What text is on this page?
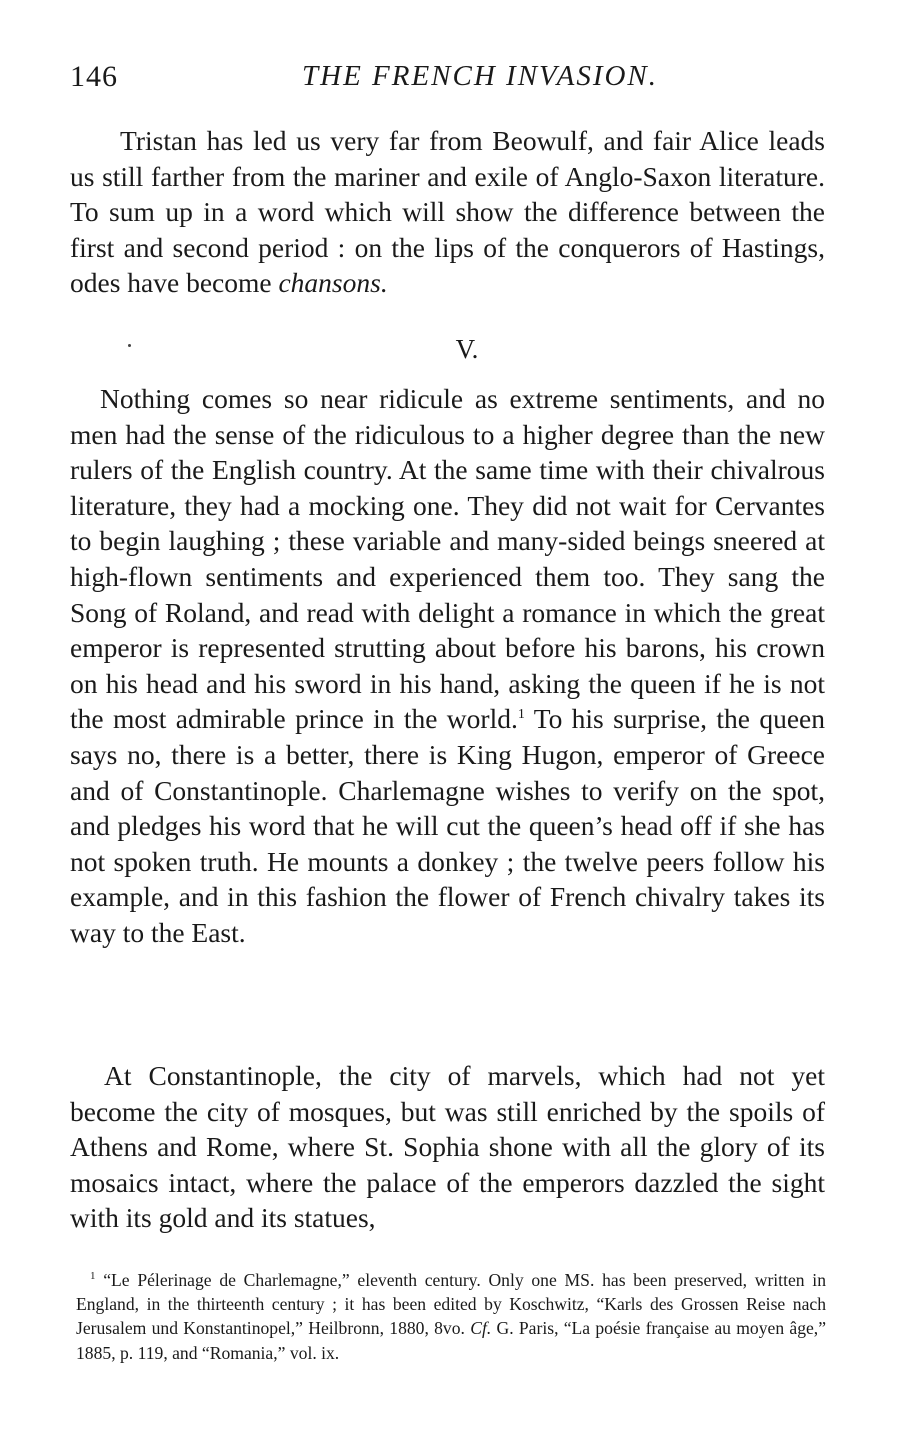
146	THE FRENCH INVASION.

Tristan has led us very far from Beowulf, and fair Alice leads us still farther from the mariner and exile of Anglo-Saxon literature. To sum up in a word which will show the difference between the first and second period : on the lips of the conquerors of Hastings, odes have become chansons.

V.

Nothing comes so near ridicule as extreme sentiments, and no men had the sense of the ridiculous to a higher degree than the new rulers of the English country. At the same time with their chivalrous literature, they had a mocking one. They did not wait for Cervantes to begin laughing ; these variable and many-sided beings sneered at high-flown sentiments and experienced them too. They sang the Song of Roland, and read with delight a romance in which the great emperor is represented strutting about before his barons, his crown on his head and his sword in his hand, asking the queen if he is not the most admirable prince in the world.$^1$ To his surprise, the queen says no, there is a better, there is King Hugon, emperor of Greece and of Constantinople. Charlemagne wishes to verify on the spot, and pledges his word that he will cut the queen’s head off if she has not spoken truth. He mounts a donkey ; the twelve peers follow his example, and in this fashion the flower of French chivalry takes its way to the East.

At Constantinople, the city of marvels, which had not yet become the city of mosques, but was still enriched by the spoils of Athens and Rome, where St. Sophia shone with all the glory of its mosaics intact, where the palace of the emperors dazzled the sight with its gold and its statues,

$^1$ “Le Pélerinage de Charlemagne,” eleventh century. Only one MS. has been preserved, written in England, in the thirteenth century ; it has been edited by Koschwitz, “Karls des Grossen Reise nach Jerusalem und Konstantinopel,” Heilbronn, 1880, 8vo. Cf. G. Paris, “La poésie française au moyen âge,” 1885, p. 119, and “Romania,” vol. ix.
